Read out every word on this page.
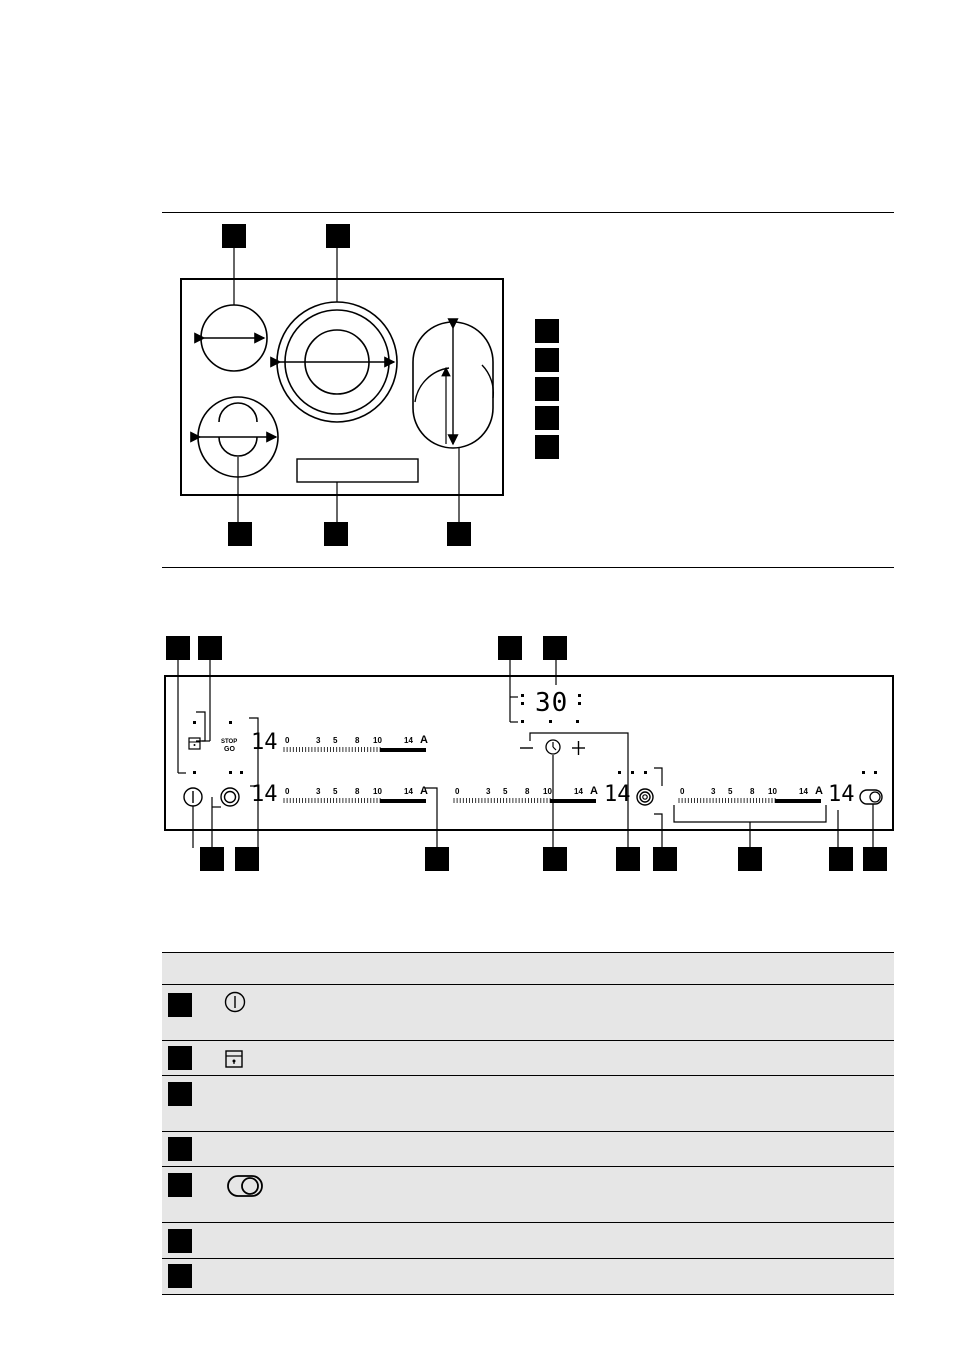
30
14
14	14	14
STOP
GO
0	3 5 8 10	14 A
0	3 5 8 10	14 A	0	3 5 8 10	14 A	0	3 5 8 10	14 A
